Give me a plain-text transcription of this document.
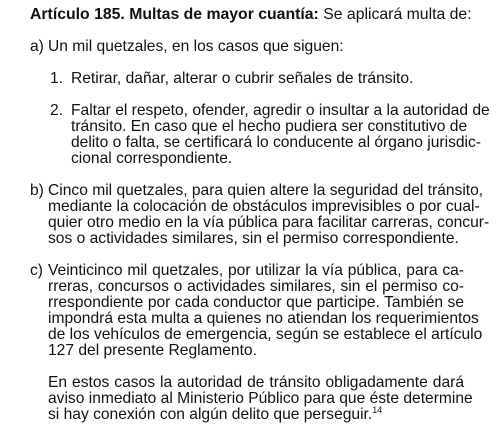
Artículo 185. Multas de mayor cuantía: Se aplicará multa de:
a) Un mil quetzales, en los casos que siguen:
1. Retirar, dañar, alterar o cubrir señales de tránsito.
2. Faltar el respeto, ofender, agredir o insultar a la autoridad de
tránsito. En caso que el hecho pudiera ser constitutivo de
delito o falta, se certificará lo conducente al órgano jurisdic-
cional correspondiente.
b) Cinco mil quetzales, para quien altere la seguridad del tránsito,
mediante la colocación de obstáculos imprevisibles o por cual-
quier otro medio en la vía pública para facilitar carreras, concur-
sos o actividades similares, sin el permiso correspondiente.
c) Veinticinco mil quetzales, por utilizar la vía pública, para ca-
rreras, concursos o actividades similares, sin el permiso co-
rrespondiente por cada conductor que participe. También se
impondrá esta multa a quienes no atiendan los requerimientos
de los vehículos de emergencia, según se establece el artículo
127 del presente Reglamento.
En estos casos la autoridad de tránsito obligadamente dará
aviso inmediato al Ministerio Público para que éste determine
si hay conexión con algún delito que perseguir.$^{14}$
